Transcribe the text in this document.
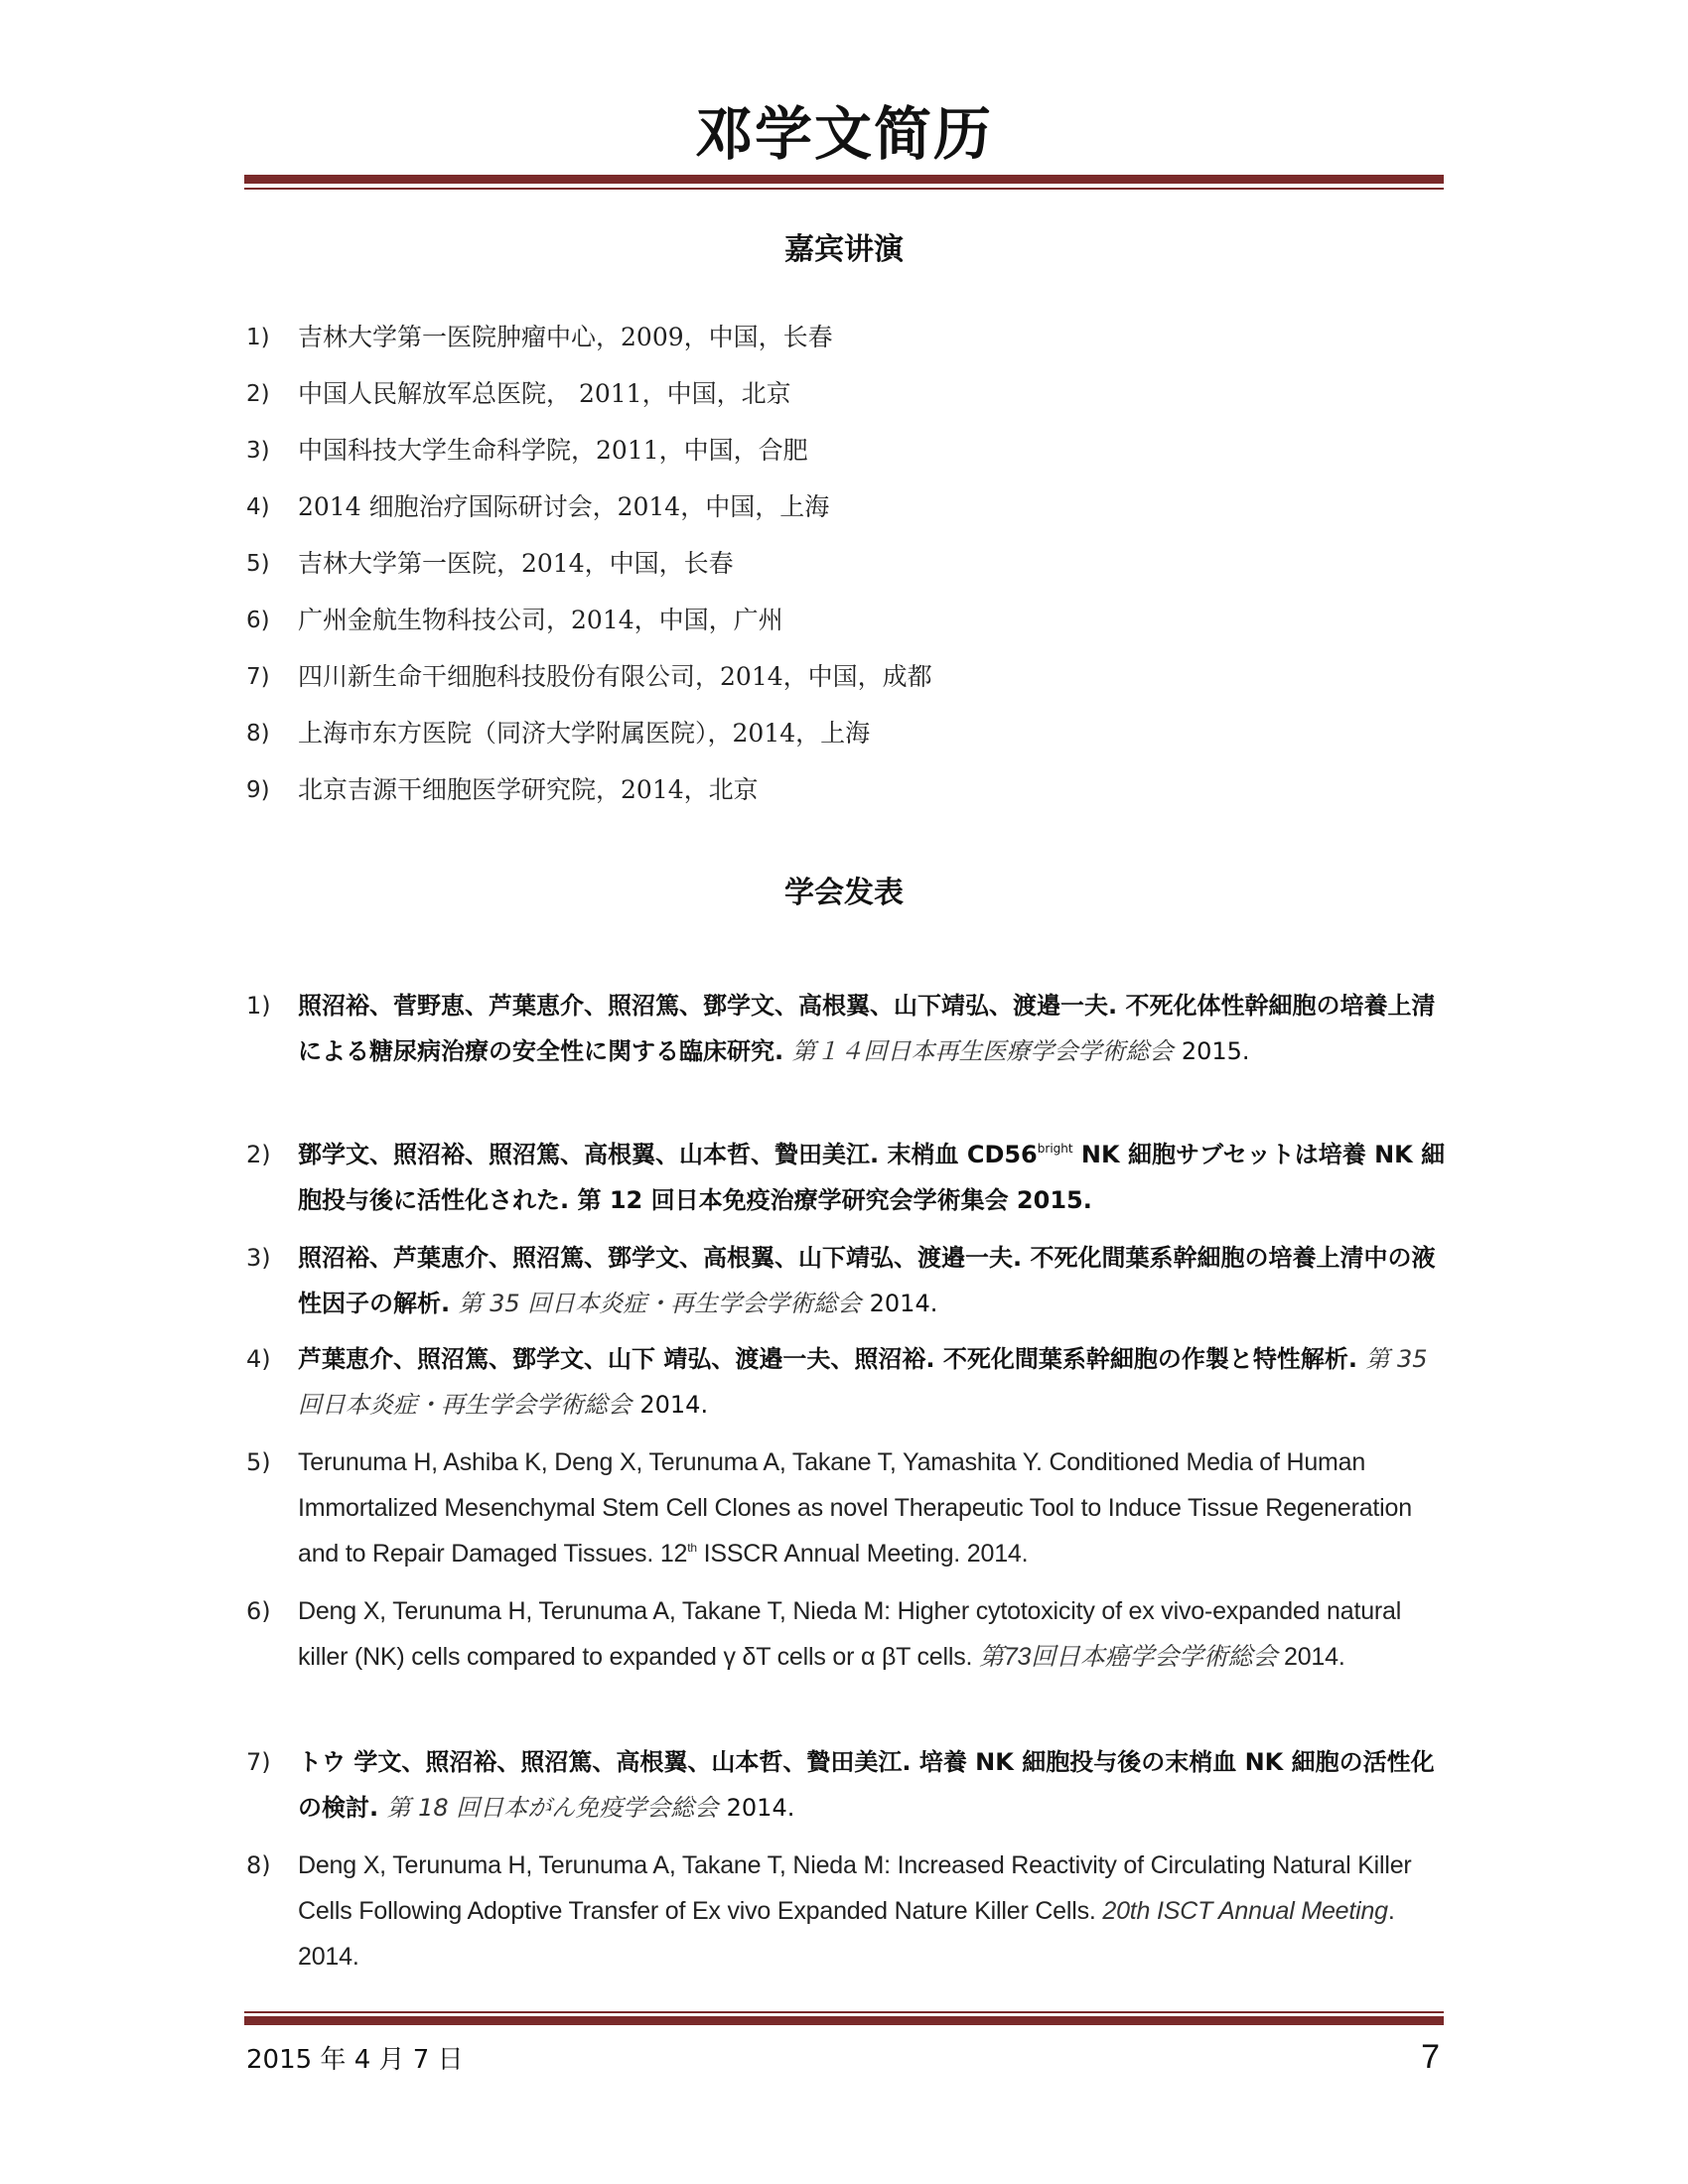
邓学文简历
嘉宾讲演
1)	吉林大学第一医院肿瘤中心，2009，中国，长春
2)	中国人民解放军总医院， 2011，中国，北京
3)	中国科技大学生命科学院，2011，中国，合肥
4)	2014 细胞治疗国际研讨会，2014，中国，上海
5)	吉林大学第一医院，2014，中国，长春
6)	广州金航生物科技公司，2014，中国，广州
7)	四川新生命干细胞科技股份有限公司，2014，中国，成都
8)	上海市东方医院（同济大学附属医院），2014，上海
9)	北京吉源干细胞医学研究院，2014，北京
学会发表
1)	照沼裕、菅野恵、芦葉恵介、照沼篤、鄧学文、高根翼、山下靖弘、渡邉一夫. 不死化体性幹細胞の培養上清による糖尿病治療の安全性に関する臨床研究. 第１４回日本再生医療学会学術総会 2015.
2)	鄧学文、照沼裕、照沼篤、高根翼、山本哲、贄田美江. 末梢血 $CD56^{bright}$ NK 細胞サブセットは培養 NK 細胞投与後に活性化された. 第 12 回日本免疫治療学研究会学術集会 2015.
3)	照沼裕、芦葉恵介、照沼篤、鄧学文、高根翼、山下靖弘、渡邉一夫. 不死化間葉系幹細胞の培養上清中の液性因子の解析. 第 35 回日本炎症・再生学会学術総会 2014.
4)	芦葉恵介、照沼篤、鄧学文、山下 靖弘、渡邉一夫、照沼裕. 不死化間葉系幹細胞の作製と特性解析. 第 35 回日本炎症・再生学会学術総会 2014.
5)	Terunuma H, Ashiba K, Deng X, Terunuma A, Takane T, Yamashita Y. Conditioned Media of Human Immortalized Mesenchymal Stem Cell Clones as novel Therapeutic Tool to Induce Tissue Regeneration and to Repair Damaged Tissues. 12th ISSCR Annual Meeting. 2014.
6)	Deng X, Terunuma H, Terunuma A, Takane T, Nieda M: Higher cytotoxicity of ex vivo-expanded natural killer (NK) cells compared to expanded γ δT cells or α βT cells. 第73回日本癌学会学術総会 2014.
7)	トウ 学文、照沼裕、照沼篤、高根翼、山本哲、贄田美江. 培養 NK 細胞投与後の末梢血 NK 細胞の活性化の検討. 第 18 回日本がん免疫学会総会 2014.
8)	Deng X, Terunuma H, Terunuma A, Takane T, Nieda M: Increased Reactivity of Circulating Natural Killer Cells Following Adoptive Transfer of Ex vivo Expanded Nature Killer Cells. 20th ISCT Annual Meeting. 2014.
2015 年 4 月 7 日	7
